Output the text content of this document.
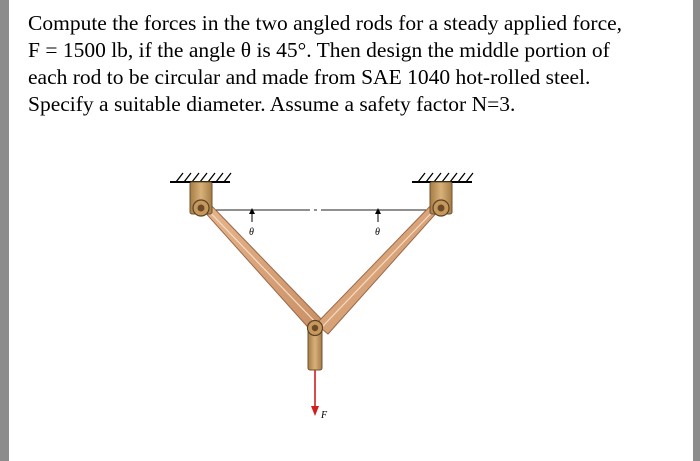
Compute the forces in the two angled rods for a steady applied force,
F = 1500 lb, if the angle θ is 45°. Then design the middle portion of
each rod to be circular and made from SAE 1040 hot-rolled steel.
Specify a suitable diameter. Assume a safety factor N=3.
θ	θ
F
